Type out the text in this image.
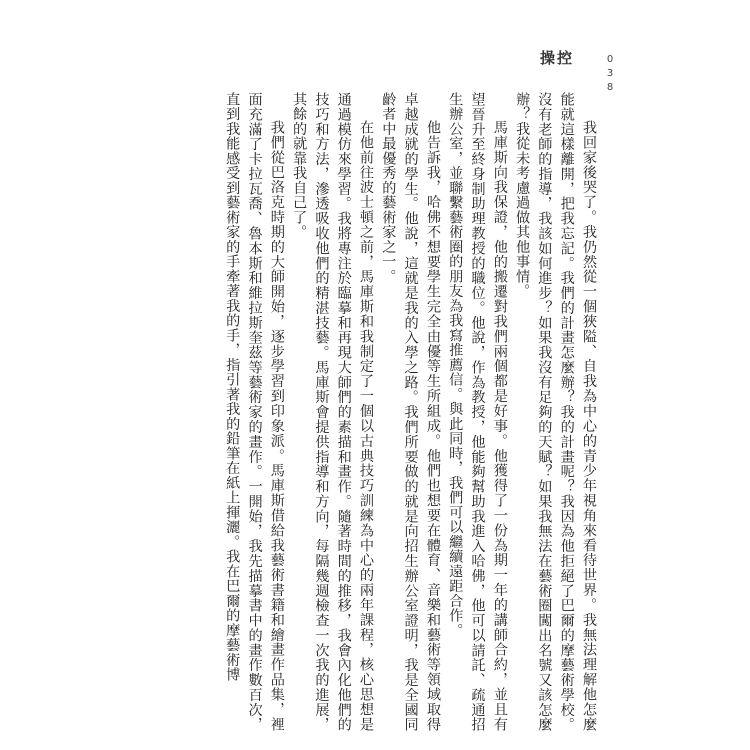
操控	038

我回家後哭了。我仍然從一個狹隘、自我為中心的青少年視角來看待世界。我無法理解他怎麼能就這樣離開，把我忘記。我們的計畫怎麼辦？我的計畫呢？我因為他拒絕了巴爾的摩藝術學校。沒有老師的指導，我該如何進步？如果我沒有足夠的天賦？如果我無法在藝術圈闖出名號又該怎麼辦？我從未考慮過做其他事情。

馬庫斯向我保證，他的搬遷對我們兩個都是好事。他獲得了一份為期一年的講師合約，並且有望晉升至終身制助理教授的職位。他說，作為教授，他能夠幫助我進入哈佛，他可以請託、疏通招生辦公室，並聯繫藝術圈的朋友為我寫推薦信。與此同時，我們可以繼續遠距合作。

他告訴我，哈佛不想要學生完全由優等生所組成。他們也想要在體育、音樂和藝術等領域取得卓越成就的學生。他說，這就是我的入學之路。我們所要做的就是向招生辦公室證明，我是全國同齡者中最優秀的藝術家之一。

在他前往波士頓之前，馬庫斯和我制定了一個以古典技巧訓練為中心的兩年課程，核心思想是通過模仿來學習。我將專注於臨摹和再現大師們的素描和畫作。隨著時間的推移，我會內化他們的技巧和方法，滲透吸收他們的精湛技藝。馬庫斯會提供指導和方向，每隔幾週檢查一次我的進展，其餘的就靠我自己了。

我們從巴洛克時期的大師開始，逐步學習到印象派。馬庫斯借給我藝術書籍和繪畫作品集，裡面充滿了卡拉瓦喬、魯本斯和維拉斯奎茲等藝術家的畫作。一開始，我先描摹書中的畫作數百次，直到我能感受到藝術家的手牽著我的手，指引著我的鉛筆在紙上揮灑。我在巴爾的摩藝術博
